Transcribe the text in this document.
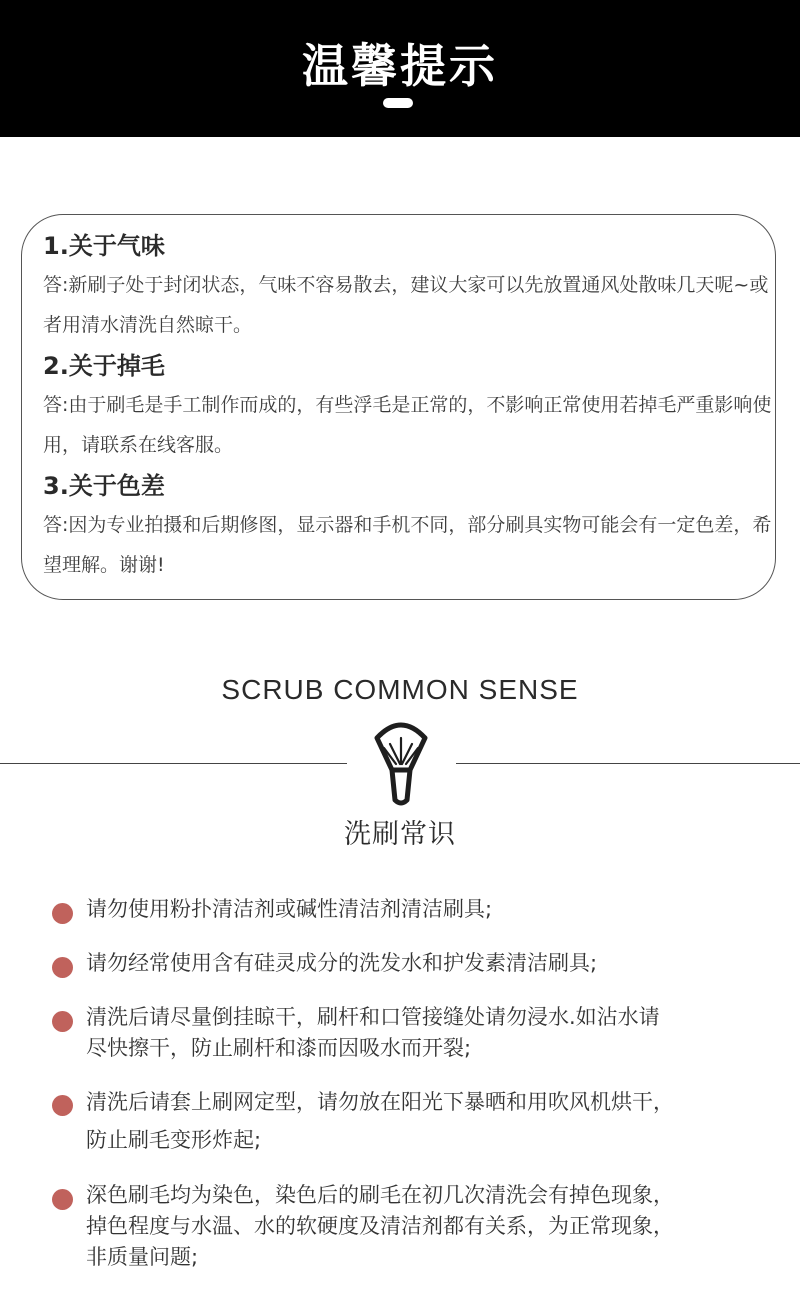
温馨提示
1.关于气味
答:新刷子处于封闭状态，气味不容易散去，建议大家可以先放置通风处散味几天呢~或者用清水清洗自然晾干。
2.关于掉毛
答:由于刷毛是手工制作而成的，有些浮毛是正常的，不影响正常使用若掉毛严重影响使用，请联系在线客服。
3.关于色差
答:因为专业拍摄和后期修图，显示器和手机不同，部分刷具实物可能会有一定色差，希望理解。谢谢!
SCRUB COMMON SENSE
洗刷常识
请勿使用粉扑清洁剂或碱性清洁剂清洁刷具;
请勿经常使用含有硅灵成分的洗发水和护发素清洁刷具;
清洗后请尽量倒挂晾干，刷杆和口管接缝处请勿浸水.如沾水请尽快擦干，防止刷杆和漆而因吸水而开裂;
清洗后请套上刷网定型，请勿放在阳光下暴晒和用吹风机烘干，防止刷毛变形炸起;
深色刷毛均为染色，染色后的刷毛在初几次清洗会有掉色现象，掉色程度与水温、水的软硬度及清洁剂都有关系，为正常现象，非质量问题;
